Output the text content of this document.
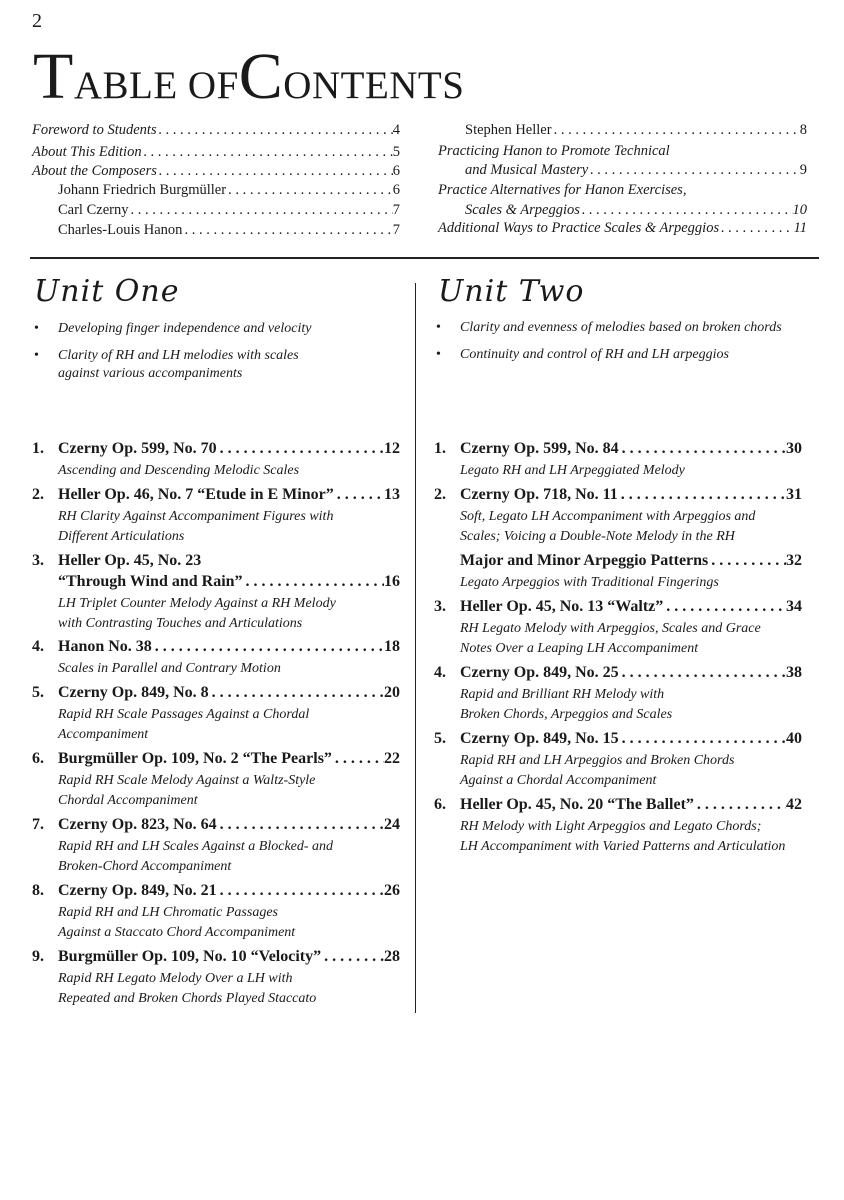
2
TABLE OFCONTENTS
Foreword to Students . . .	4
About This Edition . . .	5
About the Composers . . .	6
Johann Friedrich Burgmüller . . .	6
Carl Czerny . . .	7
Charles-Louis Hanon . . .	7
Stephen Heller . . .	8
Practicing Hanon to Promote Technical
and Musical Mastery . . .	9
Practice Alternatives for Hanon Exercises,
Scales & Arpeggios . . .	10
Additional Ways to Practice Scales & Arpeggios . . .	11
Unit One	Unit Two
• Developing finger independence and velocity
• Clarity of RH and LH melodies with scales
against various accompaniments
• Clarity and evenness of melodies based on broken chords
• Continuity and control of RH and LH arpeggios
1. Czerny Op. 599, No. 70 . . .	12
Ascending and Descending Melodic Scales
2. Heller Op. 46, No. 7 “Etude in E Minor” . . .	13
RH Clarity Against Accompaniment Figures with
Different Articulations
3. Heller Op. 45, No. 23
“Through Wind and Rain” . . .	16
LH Triplet Counter Melody Against a RH Melody
with Contrasting Touches and Articulations
4. Hanon No. 38 . . .	18
Scales in Parallel and Contrary Motion
5. Czerny Op. 849, No. 8 . . .	20
Rapid RH Scale Passages Against a Chordal
Accompaniment
6. Burgmüller Op. 109, No. 2 “The Pearls” . . .	22
Rapid RH Scale Melody Against a Waltz-Style
Chordal Accompaniment
7. Czerny Op. 823, No. 64 . . .	24
Rapid RH and LH Scales Against a Blocked- and
Broken-Chord Accompaniment
8. Czerny Op. 849, No. 21 . . .	26
Rapid RH and LH Chromatic Passages
Against a Staccato Chord Accompaniment
9. Burgmüller Op. 109, No. 10 “Velocity” . . .	28
Rapid RH Legato Melody Over a LH with
Repeated and Broken Chords Played Staccato
1. Czerny Op. 599, No. 84 . . .	30
Legato RH and LH Arpeggiated Melody
2. Czerny Op. 718, No. 11 . . .	31
Soft, Legato LH Accompaniment with Arpeggios and
Scales; Voicing a Double-Note Melody in the RH
Major and Minor Arpeggio Patterns . . .	32
Legato Arpeggios with Traditional Fingerings
3. Heller Op. 45, No. 13 “Waltz” . . .	34
RH Legato Melody with Arpeggios, Scales and Grace
Notes Over a Leaping LH Accompaniment
4. Czerny Op. 849, No. 25 . . .	38
Rapid and Brilliant RH Melody with
Broken Chords, Arpeggios and Scales
5. Czerny Op. 849, No. 15 . . .	40
Rapid RH and LH Arpeggios and Broken Chords
Against a Chordal Accompaniment
6. Heller Op. 45, No. 20 “The Ballet” . . .	42
RH Melody with Light Arpeggios and Legato Chords;
LH Accompaniment with Varied Patterns and Articulation
